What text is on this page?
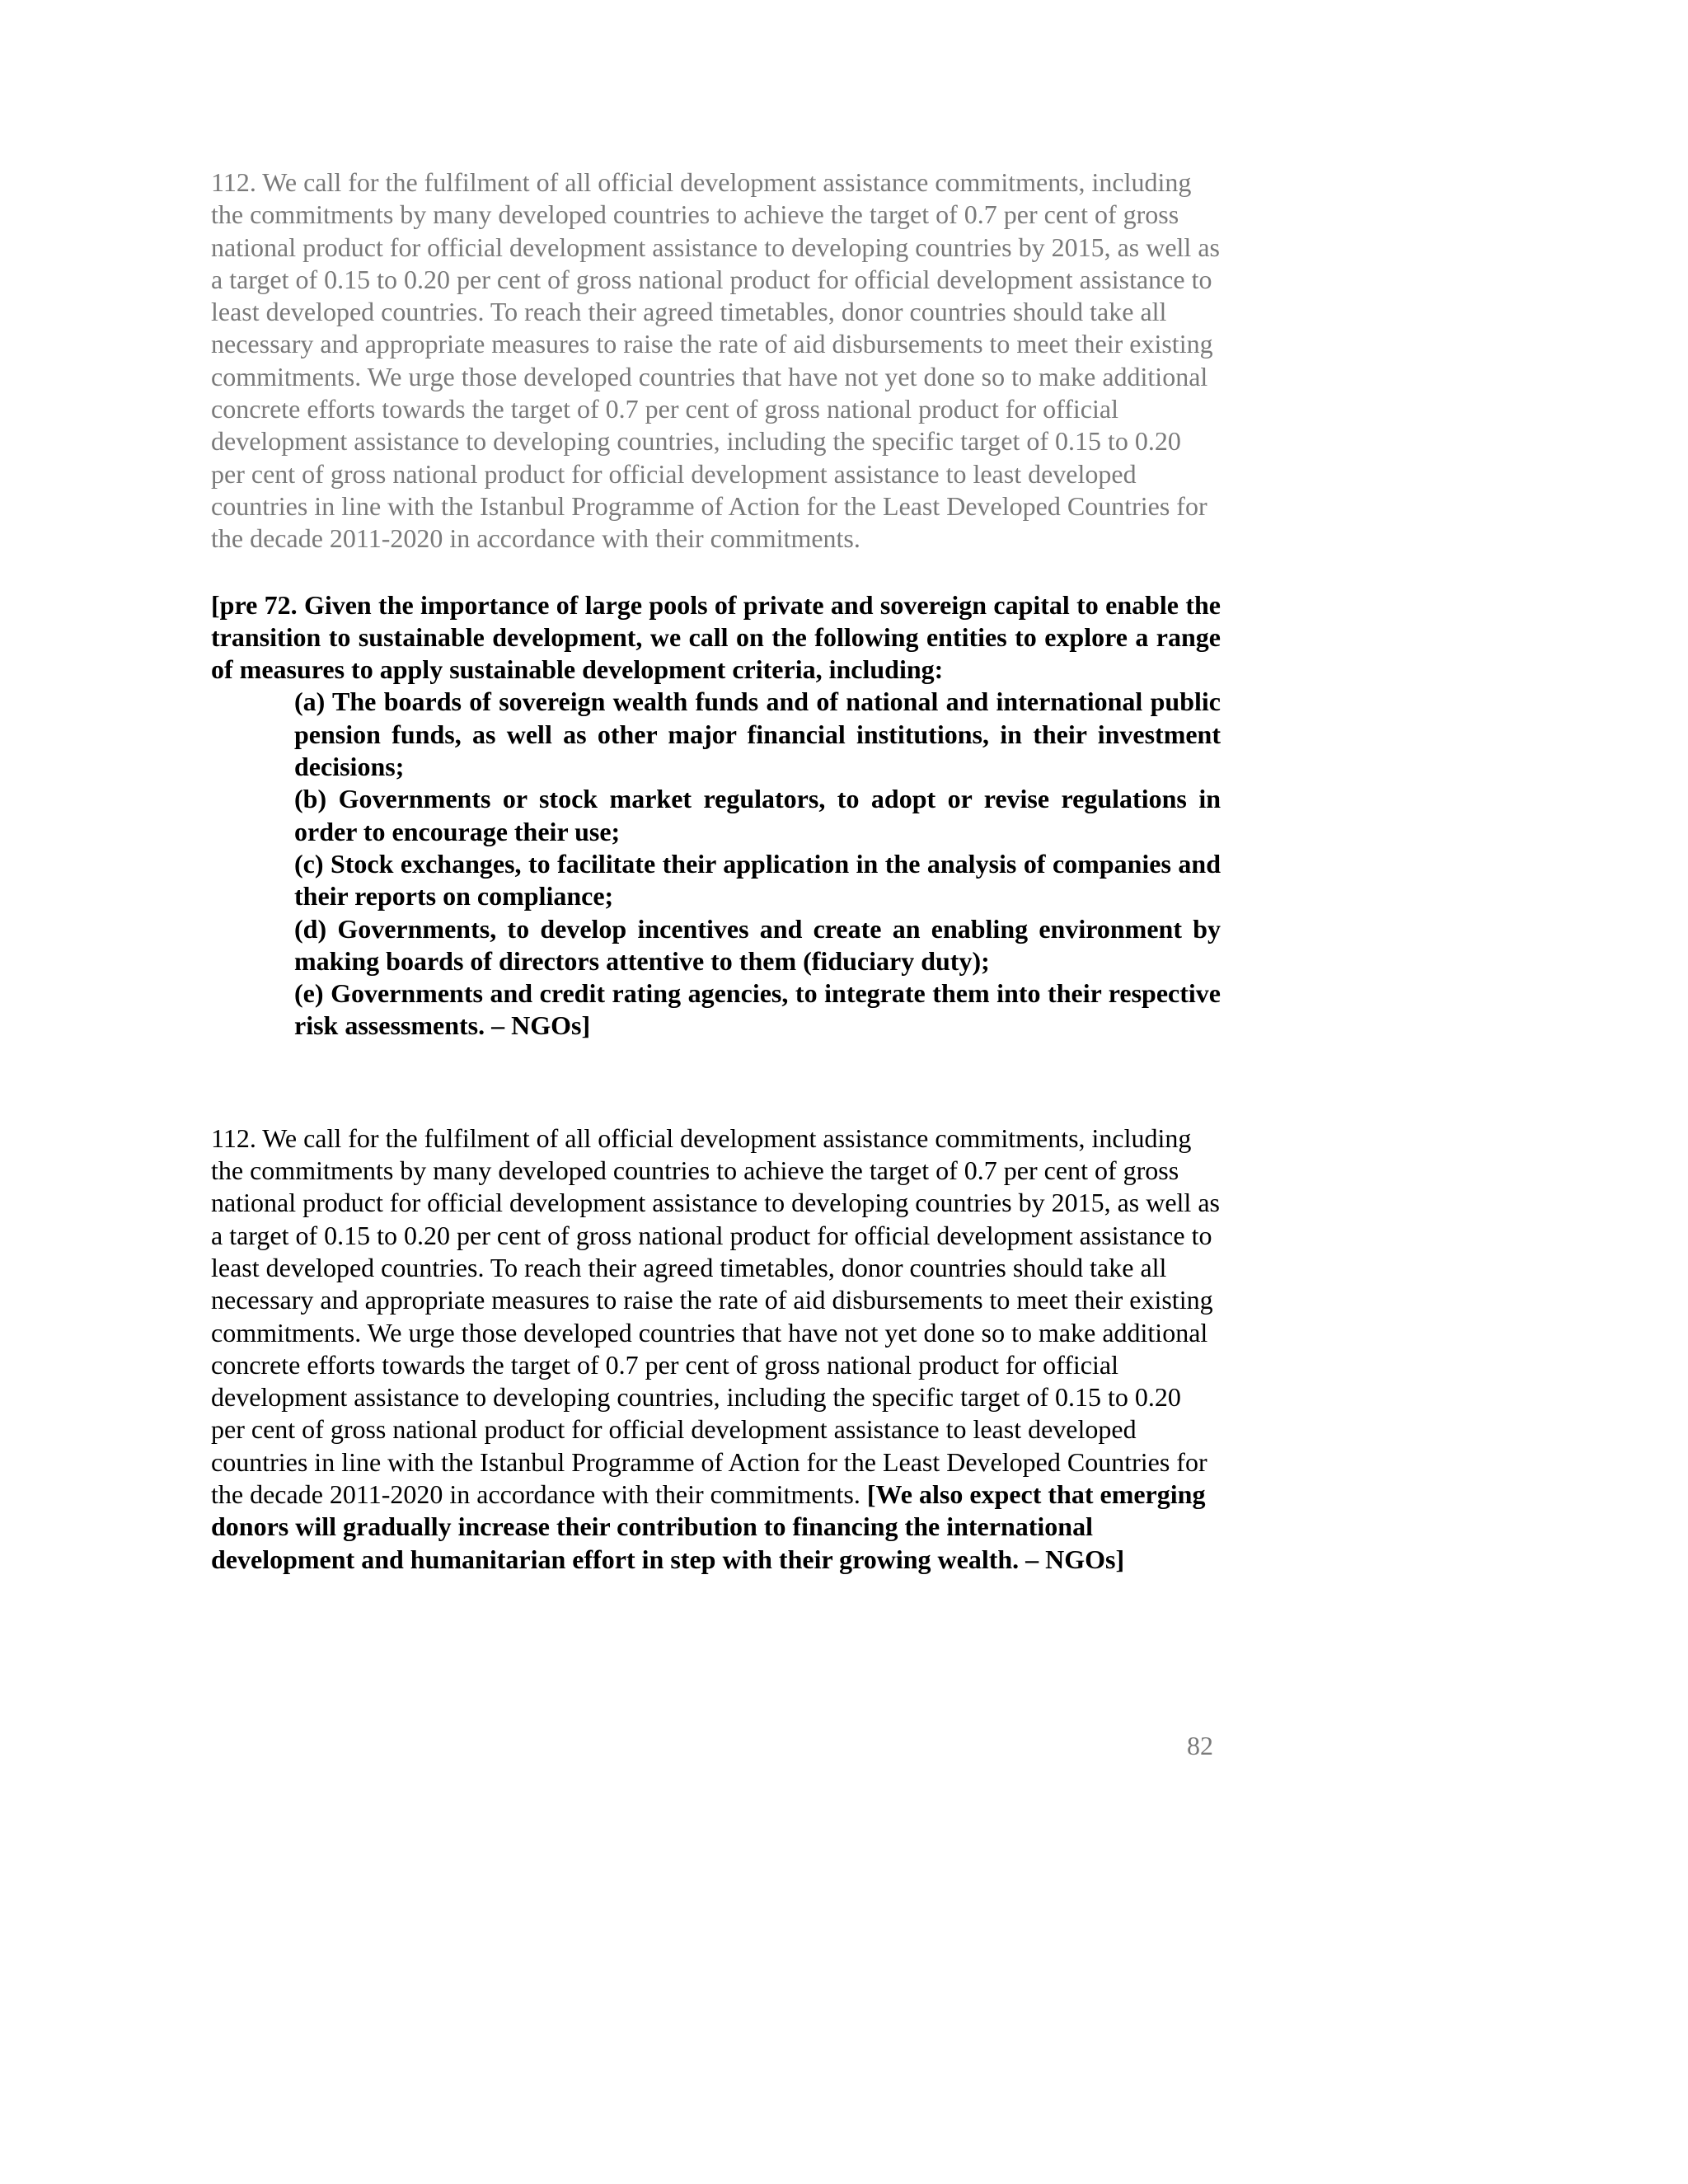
112. We call for the fulfilment of all official development assistance commitments, including the commitments by many developed countries to achieve the target of 0.7 per cent of gross national product for official development assistance to developing countries by 2015, as well as a target of 0.15 to 0.20 per cent of gross national product for official development assistance to least developed countries. To reach their agreed timetables, donor countries should take all necessary and appropriate measures to raise the rate of aid disbursements to meet their existing commitments. We urge those developed countries that have not yet done so to make additional concrete efforts towards the target of 0.7 per cent of gross national product for official development assistance to developing countries, including the specific target of 0.15 to 0.20 per cent of gross national product for official development assistance to least developed countries in line with the Istanbul Programme of Action for the Least Developed Countries for the decade 2011-2020 in accordance with their commitments.

[pre 72. Given the importance of large pools of private and sovereign capital to enable the transition to sustainable development, we call on the following entities to explore a range of measures to apply sustainable development criteria, including:

(a) The boards of sovereign wealth funds and of national and international public pension funds, as well as other major financial institutions, in their investment decisions;
(b) Governments or stock market regulators, to adopt or revise regulations in order to encourage their use;
(c) Stock exchanges, to facilitate their application in the analysis of companies and their reports on compliance;
(d) Governments, to develop incentives and create an enabling environment by making boards of directors attentive to them (fiduciary duty);
(e) Governments and credit rating agencies, to integrate them into their respective risk assessments. – NGOs]

112. We call for the fulfilment of all official development assistance commitments, including the commitments by many developed countries to achieve the target of 0.7 per cent of gross national product for official development assistance to developing countries by 2015, as well as a target of 0.15 to 0.20 per cent of gross national product for official development assistance to least developed countries. To reach their agreed timetables, donor countries should take all necessary and appropriate measures to raise the rate of aid disbursements to meet their existing commitments. We urge those developed countries that have not yet done so to make additional concrete efforts towards the target of 0.7 per cent of gross national product for official development assistance to developing countries, including the specific target of 0.15 to 0.20 per cent of gross national product for official development assistance to least developed countries in line with the Istanbul Programme of Action for the Least Developed Countries for the decade 2011-2020 in accordance with their commitments. [We also expect that emerging donors will gradually increase their contribution to financing the international development and humanitarian effort in step with their growing wealth. – NGOs]

82
